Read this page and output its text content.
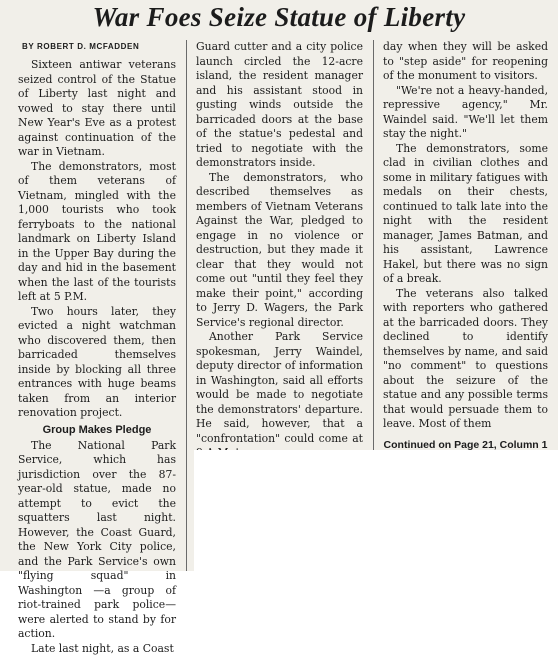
War Foes Seize Statue of Liberty
BY ROBERT D. MCFADDEN

Sixteen antiwar veterans seized control of the Statue of Liberty last night and vowed to stay there until New Year's Eve as a protest against continuation of the war in Vietnam.

The demonstrators, most of them veterans of Vietnam, mingled with the 1,000 tourists who took ferryboats to the national landmark on Liberty Island in the Upper Bay during the day and hid in the basement when the last of the tourists left at 5 P.M.

Two hours later, they evicted a night watchman who discovered them, then barricaded themselves inside by blocking all three entrances with huge beams taken from an interior renovation project.

Group Makes Pledge

The National Park Service, which has jurisdiction over the 87-year-old statue, made no attempt to evict the squatters last night. However, the Coast Guard, the New York City police, and the Park Service's own "flying squad" in Washington —a group of riot-trained park police—were alerted to stand by for action.

Late last night, as a Coast

Guard cutter and a city police launch circled the 12-acre island, the resident manager and his assistant stood in gusting winds outside the barricaded doors at the base of the statue's pedestal and tried to negotiate with the demonstrators inside.

The demonstrators, who described themselves as members of Vietnam Veterans Against the War, pledged to engage in no violence or destruction, but they made it clear that they would not come out "until they feel they make their point," according to Jerry D. Wagers, the Park Service's regional director.

Another Park Service spokesman, Jerry Waindel, deputy director of information in Washington, said all efforts would be made to negotiate the demonstrators' departure. He said, however, that a "confrontation" could come at

day when they will be asked to "step aside" for reopening of the monument to visitors.

"We're not a heavy-handed, repressive agency," Mr. Waindel said. "We'll let them stay the night."

The demonstrators, some clad in civilian clothes and some in military fatigues with medals on their chests, continued to talk late into the night with the resident manager, James Batman, and his assistant, Lawrence Hakel, but there was no sign of a break.

The veterans also talked with reporters who gathered at the barricaded doors. They declined to identify themselves by name, and said "no comment" to questions about the seizure of the statue and any possible terms that would persuade them to leave. Most of them

Continued on Page 21, Column 1
